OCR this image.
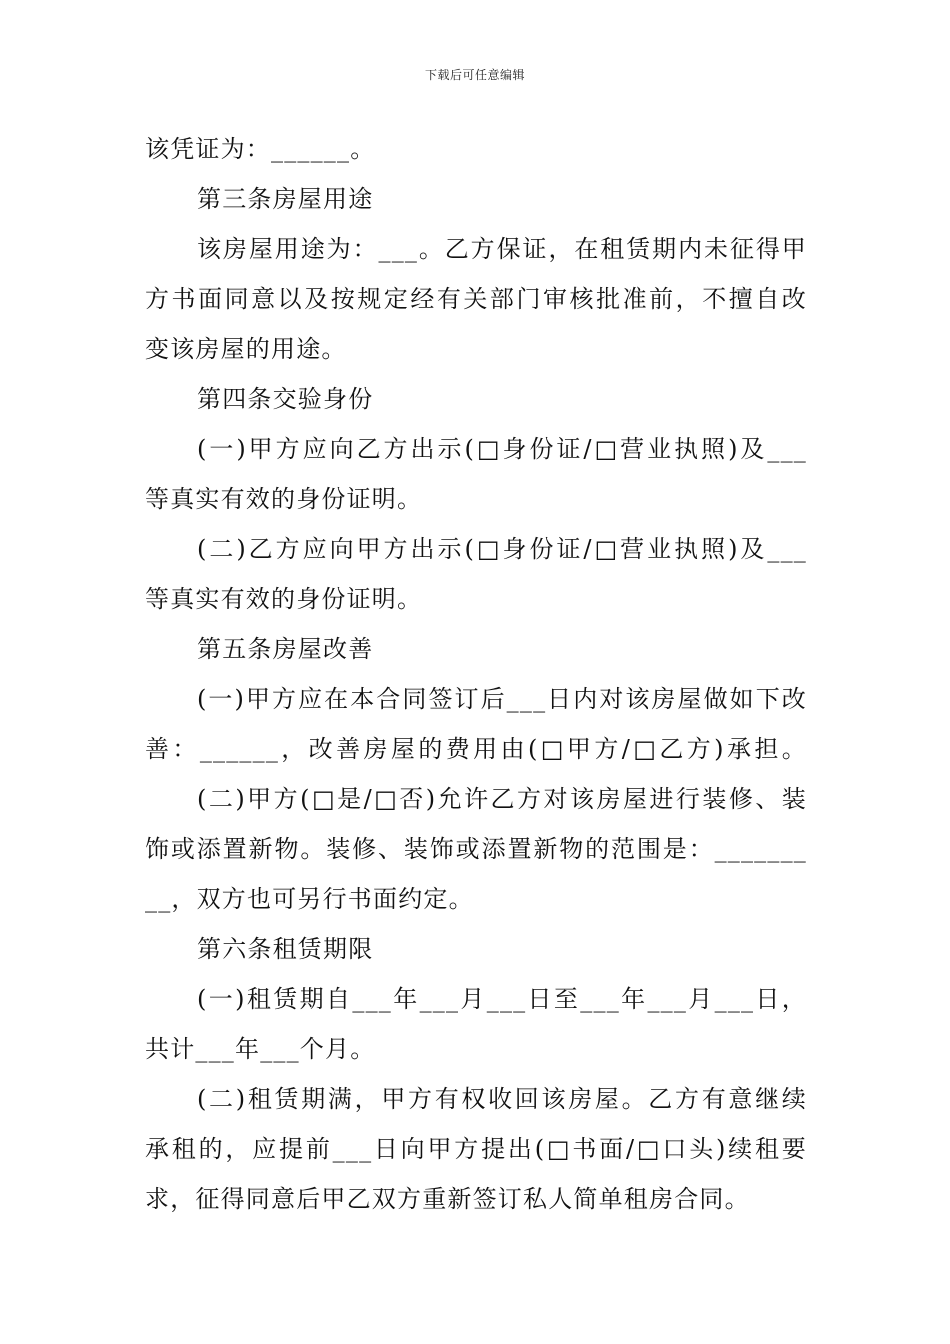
下载后可任意编辑
该凭证为：______。
第三条房屋用途
该房屋用途为：___。乙方保证，在租赁期内未征得甲
方书面同意以及按规定经有关部门审核批准前，不擅自改
变该房屋的用途。
第四条交验身份
(一)甲方应向乙方出示(□身份证/□营业执照)及___
等真实有效的身份证明。
(二)乙方应向甲方出示(□身份证/□营业执照)及___
等真实有效的身份证明。
第五条房屋改善
(一)甲方应在本合同签订后___日内对该房屋做如下改
善：______，改善房屋的费用由(□甲方/□乙方)承担。
(二)甲方(□是/□否)允许乙方对该房屋进行装修、装
饰或添置新物。装修、装饰或添置新物的范围是：_______
__，双方也可另行书面约定。
第六条租赁期限
(一)租赁期自___年___月___日至___年___月___日，
共计___年___个月。
(二)租赁期满，甲方有权收回该房屋。乙方有意继续
承租的，应提前___日向甲方提出(□书面/□口头)续租要
求，征得同意后甲乙双方重新签订私人简单租房合同。
